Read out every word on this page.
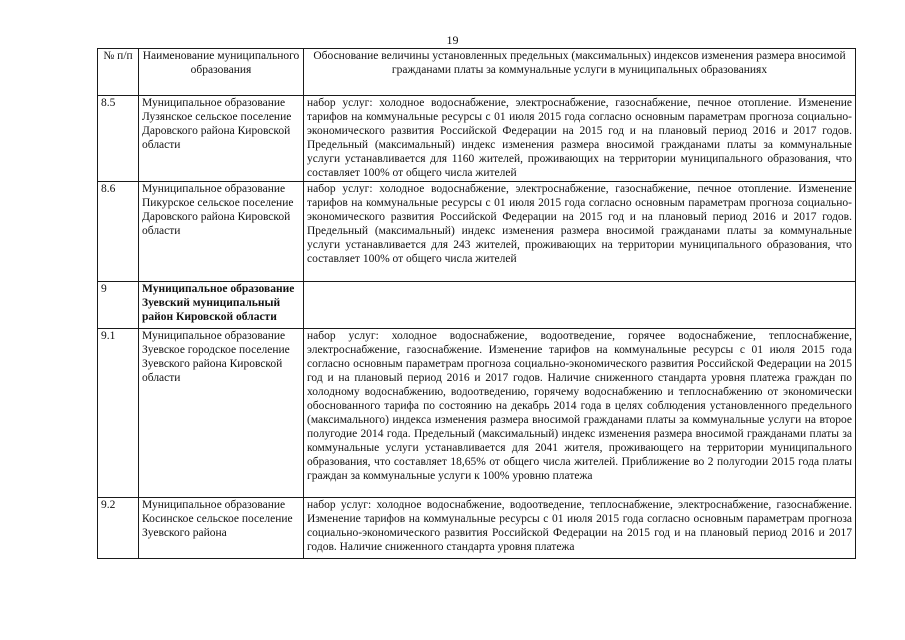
19
№ п/п	Наименование муниципального образования	Обоснование величины установленных предельных (максимальных) индексов изменения размера вносимой гражданами платы за коммунальные услуги в муниципальных образованиях
8.5	Муниципальное образование Лузянское сельское поселение Даровского района Кировской области	набор услуг: холодное водоснабжение, электроснабжение, газоснабжение, печное отопление. Изменение тарифов на коммунальные ресурсы с 01 июля 2015 года согласно основным параметрам прогноза социально-экономического развития Российской Федерации на 2015 год и на плановый период 2016 и 2017 годов. Предельный (максимальный) индекс изменения размера вносимой гражданами платы за коммунальные услуги устанавливается для 1160 жителей, проживающих на территории муниципального образования, что составляет 100% от общего числа жителей
8.6	Муниципальное образование Пикурское сельское поселение Даровского района Кировской области	набор услуг: холодное водоснабжение, электроснабжение, газоснабжение, печное отопление. Изменение тарифов на коммунальные ресурсы с 01 июля 2015 года согласно основным параметрам прогноза социально-экономического развития Российской Федерации на 2015 год и на плановый период 2016 и 2017 годов. Предельный (максимальный) индекс изменения размера вносимой гражданами платы за коммунальные услуги устанавливается для 243 жителей, проживающих на территории муниципального образования, что составляет 100% от общего числа жителей
9	Муниципальное образование Зуевский муниципальный район Кировской области	
9.1	Муниципальное образование Зуевское городское поселение Зуевского района Кировской области	набор услуг: холодное водоснабжение, водоотведение, горячее водоснабжение, теплоснабжение, электроснабжение, газоснабжение. Изменение тарифов на коммунальные ресурсы с 01 июля 2015 года согласно основным параметрам прогноза социально-экономического развития Российской Федерации на 2015 год и на плановый период 2016 и 2017 годов. Наличие сниженного стандарта уровня платежа граждан по холодному водоснабжению, водоотведению, горячему водоснабжению и теплоснабжению от экономически обоснованного тарифа по состоянию на декабрь 2014 года в целях соблюдения установленного предельного (максимального) индекса изменения размера вносимой гражданами платы за коммунальные услуги на второе полугодие 2014 года. Предельный (максимальный) индекс изменения размера вносимой гражданами платы за коммунальные услуги устанавливается для 2041 жителя, проживающего на территории муниципального образования, что составляет 18,65% от общего числа жителей. Приближение во 2 полугодии 2015 года платы граждан за коммунальные услуги к 100% уровню платежа
9.2	Муниципальное образование Косинское сельское поселение Зуевского района	набор услуг: холодное водоснабжение, водоотведение, теплоснабжение, электроснабжение, газоснабжение. Изменение тарифов на коммунальные ресурсы с 01 июля 2015 года согласно основным параметрам прогноза социально-экономического развития Российской Федерации на 2015 год и на плановый период 2016 и 2017 годов. Наличие сниженного стандарта уровня платежа
